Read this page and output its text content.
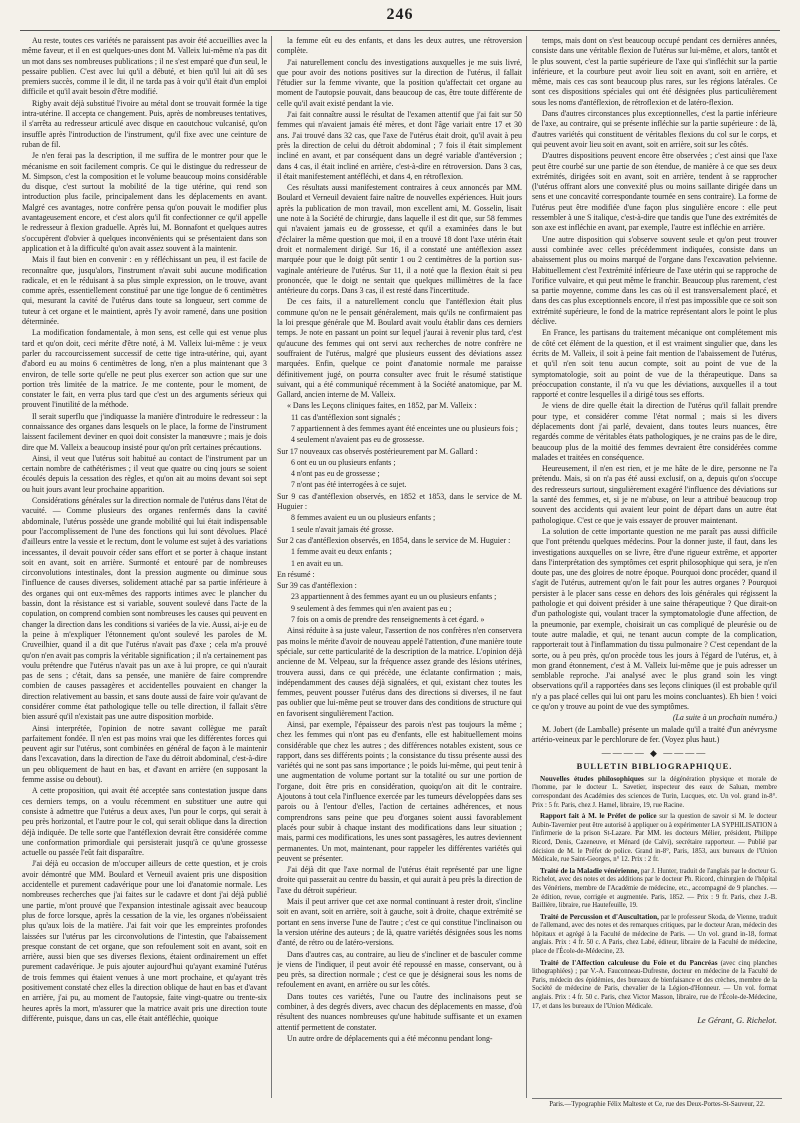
246

Au reste, toutes ces variétés ne paraissent pas avoir été accueillies avec la même faveur, et il en est quelques-unes dont M. Valleix lui-même n'a pas dit un mot dans ses nombreuses publications ; il ne s'est emparé que d'un seul, le pessaire publien. C'est avec lui qu'il a débuté, et bien qu'il lui ait dû ses premiers succès, comme il le dit, il ne tarda pas à voir qu'il était d'un emploi difficile et qu'il avait besoin d'être modifié.

Rigby avait déjà substitué l'ivoire au métal dont se trouvait formée la tige intra-utérine. Il accepta ce changement. Puis, après de nombreuses tentatives, il s'arrêta au redresseur articulé avec disque en caoutchouc vulcanisé, qu'on insuffle après l'introduction de l'instrument, qu'il fixe avec une ceinture de ruban de fil.

Je n'en ferai pas la description, il me suffira de le montrer pour que le mécanisme en soit facilement compris. Ce qui le distingue du redresseur de M. Simpson, c'est la composition et le volume beaucoup moins considérable du disque, c'est surtout la mobilité de la tige utérine, qui rend son introduction plus facile, principalement dans les déplacements en avant. Malgré ces avantages, notre confrère pensa qu'on pouvait le modifier plus avantageusement encore, et c'est alors qu'il fit confectionner ce qu'il appelle le redresseur à flexion graduelle. Après lui, M. Bonnafont et quelques autres s'occupèrent d'obvier à quelques inconvénients qui se présentaient dans son application et à la difficulté qu'on avait assez souvent à la maintenir.

Mais il faut bien en convenir : en y réfléchissant un peu, il est facile de reconnaître que, jusqu'alors, l'instrument n'avait subi aucune modification radicale, et en le réduisant à sa plus simple expression, on le trouve, avant comme après, essentiellement constitué par une tige longue de 6 centimètres qui, mesurant la cavité de l'utérus dans toute sa longueur, sert comme de tuteur à cet organe et le maintient, après l'y avoir ramené, dans une position déterminée.

La modification fondamentale, à mon sens, est celle qui est venue plus tard et qu'on doit, ceci mérite d'être noté, à M. Valleix lui-même : je veux parler du raccourcissement successif de cette tige intra-utérine, qui, ayant d'abord eu au moins 6 centimètres de long, n'en a plus maintenant que 3 environ, de telle sorte qu'elle ne peut plus exercer son action que sur une portion très limitée de la matrice. Je me contente, pour le moment, de constater le fait, en verra plus tard que c'est un des arguments sérieux qui prouvent l'inutilité de la méthode.

Il serait superflu que j'indiquasse la manière d'introduire le redresseur : la connaissance des organes dans lesquels on le place, la forme de l'instrument laissent facilement deviner en quoi doit consister la manœuvre ; mais je dois dire que M. Valleix a beaucoup insisté pour qu'on prît certaines précautions.

Ainsi, il veut que l'utérus soit habitué au contact de l'instrument par un certain nombre de cathétérismes ; il veut que quatre ou cinq jours se soient écoulés depuis la cessation des règles, et qu'on ait au moins devant soi sept ou huit jours avant leur prochaine apparition.

Considérations générales sur la direction normale de l'utérus dans l'état de vacuité. — Comme plusieurs des organes renfermés dans la cavité abdominale, l'utérus possède une grande mobilité qui lui était indispensable pour l'accomplissement de l'une des fonctions qui lui sont dévolues. Placé d'ailleurs entre la vessie et le rectum, dont le volume est sujet à des variations incessantes, il devait pouvoir céder sans effort et se porter à chaque instant soit en avant, soit en arrière. Surmonté et entouré par de nombreuses circonvolutions intestinales, dont la pression augmente ou diminue sous l'influence de causes diverses, solidement attaché par sa partie inférieure à des organes qui ont eux-mêmes des rapports intimes avec le plancher du bassin, dont la résistance est si variable, souvent soulevé dans l'acte de la copulation, on comprend combien sont nombreuses les causes qui peuvent en changer la direction dans les conditions si variées de la vie. Aussi, ai-je eu de la peine à m'expliquer l'étonnement qu'ont soulevé les paroles de M. Cruveilhier, quand il a dit que l'utérus n'avait pas d'axe ; cela m'a prouvé qu'on n'en avait pas compris la véritable signification ; il n'a certainement pas voulu prétendre que l'utérus n'avait pas un axe à lui propre, ce qui n'aurait pas de sens ; c'était, dans sa pensée, une manière de faire comprendre combien de causes passagères et accidentelles pouvaient en changer la direction relativement au bassin, et sans doute aussi de faire voir qu'avant de considérer comme état pathologique telle ou telle direction, il fallait s'être bien assuré qu'il n'existait pas une autre disposition morbide.

Ainsi interprétée, l'opinion de notre savant collègue me paraît parfaitement fondée. Il n'en est pas moins vrai que les différentes forces qui peuvent agir sur l'utérus, sont combinées en général de façon à le maintenir dans l'excavation, dans la direction de l'axe du détroit abdominal, c'est-à-dire un peu obliquement de haut en bas, et d'avant en arrière (en supposant la femme assise ou debout).

A cette proposition, qui avait été acceptée sans contestation jusque dans ces derniers temps, on a voulu récemment en substituer une autre qui consiste à admettre que l'utérus a deux axes, l'un pour le corps, qui serait à peu près horizontal, et l'autre pour le col, qui serait oblique dans la direction déjà indiquée. De telle sorte que l'antéflexion devrait être considérée comme une conformation primordiale qui persisterait jusqu'à ce qu'une grossesse actuelle ou passée l'eût fait disparaître.

J'ai déjà eu occasion de m'occuper ailleurs de cette question, et je crois avoir démontré que MM. Boulard et Verneuil avaient pris une disposition accidentelle et purement cadavérique pour une loi d'anatomie normale. Les nombreuses recherches que j'ai faites sur le cadavre et dont j'ai déjà publié une partie, m'ont prouvé que l'expansion intestinale agissait avec beaucoup plus de force lorsque, après la cessation de la vie, les organes n'obéissaient plus qu'aux lois de la matière. J'ai fait voir que les empreintes profondes laissées sur l'utérus par les circonvolutions de l'intestin, que l'abaissement presque constant de cet organe, que son refoulement soit en avant, soit en arrière, aussi bien que ses diverses flexions, étaient ordinairement un effet purement cadavérique. Je puis ajouter aujourd'hui qu'ayant examiné l'utérus de trois femmes qui étaient venues à une mort prochaine, et qu'ayant très positivement constaté chez elles la direction oblique de haut en bas et d'avant en arrière, j'ai pu, au moment de l'autopsie, faite vingt-quatre ou trente-six heures après la mort, m'assurer que la matrice avait pris une direction toute différente, puisque, dans un cas, elle était antéfléchie, quoique

la femme eût eu des enfants, et dans les deux autres, une rétroversion complète.

J'ai naturellement conclu des investigations auxquelles je me suis livré, que pour avoir des notions positives sur la direction de l'utérus, il fallait l'étudier sur la femme vivante, que la position qu'affectait cet organe au moment de l'autopsie pouvait, dans beaucoup de cas, être toute différente de celle qu'il avait existé pendant la vie.

J'ai fait connaître aussi le résultat de l'examen attentif que j'ai fait sur 50 femmes qui n'avaient jamais été mères, et dont l'âge variait entre 17 et 30 ans. J'ai trouvé dans 32 cas, que l'axe de l'utérus était droit, qu'il avait à peu près la direction de celui du détroit abdominal ; 7 fois il était simplement incliné en avant, et par conséquent dans un degré variable d'antéversion ; dans 4 cas, il était incliné en arrière, c'est-à-dire en rétroversion. Dans 3 cas, il était manifestement antéfléchi, et dans 4, en rétroflexion.

Ces résultats aussi manifestement contraires à ceux annoncés par MM. Boulard et Verneuil devaient faire naître de nouvelles expériences. Huit jours après la publication de mon travail, mon excellent ami, M. Gosselin, lisait une note à la Société de chirurgie, dans laquelle il est dit que, sur 58 femmes qui n'avaient jamais eu de grossesse, et qu'il a examinées dans le but d'éclairer la même question que moi, il en a trouvé 18 dont l'axe utérin était droit et normalement dirigé. Sur 16, il a constaté une antéflexion assez marquée pour que le doigt pût sentir 1 ou 2 centimètres de la portion sus-vaginale antérieure de l'utérus. Sur 11, il a noté que la flexion était si peu prononcée, que le doigt ne sentait que quelques millimètres de la face antérieure du corps. Dans 3 cas, il est resté dans l'incertitude.

De ces faits, il a naturellement conclu que l'antéflexion était plus commune qu'on ne le pensait généralement, mais qu'ils ne confirmaient pas la loi presque générale que M. Boulard avait voulu établir dans ces derniers temps. Je note en passant un point sur lequel j'aurai à revenir plus tard, c'est qu'aucune des femmes qui ont servi aux recherches de notre confrère ne souffraient de l'utérus, malgré que plusieurs eussent des déviations assez marquées. Enfin, quelque ce point d'anatomie normale me paraisse définitivement jugé, on pourra consulter avec fruit le résumé statistique suivant, qui a été communiqué récemment à la Société anatomique, par M. Gallard, ancien interne de M. Valleix.

« Dans les Leçons cliniques faites, en 1852, par M. Valleix :

11 cas d'antéflexion sont signalés ;

7 appartiennent à des femmes ayant été enceintes une ou plusieurs fois ;

4 seulement n'avaient pas eu de grossesse.

Sur 17 nouveaux cas observés postérieurement par M. Gallard :

6 ont eu un ou plusieurs enfants ;

4 n'ont pas eu de grossesse ;

7 n'ont pas été interrogées à ce sujet.

Sur 9 cas d'antéflexion observés, en 1852 et 1853, dans le service de M. Huguier :

8 femmes avaient eu un ou plusieurs enfants ;

1 seule n'avait jamais été grosse.

Sur 2 cas d'antéflexion observés, en 1854, dans le service de M. Huguier :

1 femme avait eu deux enfants ;

1 en avait eu un.

En résumé :

Sur 39 cas d'antéflexion :

23 appartiennent à des femmes ayant eu un ou plusieurs enfants ;

9 seulement à des femmes qui n'en avaient pas eu ;

7 fois on a omis de prendre des renseignements à cet égard. »

Ainsi réduite à sa juste valeur, l'assertion de nos confrères n'en conservera pas moins le mérite d'avoir de nouveau appelé l'attention, d'une manière toute spéciale, sur cette particularité de la description de la matrice. L'opinion déjà ancienne de M. Velpeau, sur la fréquence assez grande des lésions utérines, trouvera aussi, dans ce qui précède, une éclatante confirmation ; mais, indépendamment des causes déjà signalées, et qui, existant chez toutes les femmes, peuvent pousser l'utérus dans des directions si diverses, il ne faut pas oublier que lui-même peut se trouver dans des conditions de structure qui en favorisent singulièrement l'action.

Ainsi, par exemple, l'épaisseur des parois n'est pas toujours la même ; chez les femmes qui n'ont pas eu d'enfants, elle est habituellement moins considérable que chez les autres ; des différences notables existent, sous ce rapport, dans ses différents points ; la consistance du tissu présente aussi des variétés qui ne sont pas sans importance ; le poids lui-même, qui peut tenir à une augmentation de volume portant sur la totalité ou sur une portion de l'organe, doit être pris en considération, quoiqu'on ait dit le contraire. Ajoutons à tout cela l'influence exercée par les tumeurs développées dans ses parois ou à l'entour d'elles, l'action de certaines adhérences, et nous comprendrons sans peine que peu d'organes soient aussi favorablement placés pour subir à chaque instant des modifications dans leur situation ; mais, parmi ces modifications, les unes sont passagères, les autres deviennent permanentes. Un mot, maintenant, pour rappeler les différentes variétés qui peuvent se présenter.

J'ai déjà dit que l'axe normal de l'utérus était représenté par une ligne droite qui passerait au centre du bassin, et qui aurait à peu près la direction de l'axe du détroit supérieur.

Mais il peut arriver que cet axe normal continuant à rester droit, s'incline soit en avant, soit en arrière, soit à gauche, soit à droite, chaque extrémité se portant en sens inverse l'une de l'autre ; c'est ce qui constitue l'inclinaison ou la version utérine des auteurs ; de là, quatre variétés désignées sous les noms d'anté, de rétro ou de latéro-versions.

Dans d'autres cas, au contraire, au lieu de s'incliner et de basculer comme je viens de l'indiquer, il peut avoir été repoussé en masse, conservant, ou à peu près, sa direction normale ; c'est ce que je désignerai sous les noms de refoulement en avant, en arrière ou sur les côtés.

Dans toutes ces variétés, l'une ou l'autre des inclinaisons peut se combiner, à des degrés divers, avec chacun des déplacements en masse, d'où résultent des nuances nombreuses qu'une habitude suffisante et un examen attentif permettent de constater.

Un autre ordre de déplacements qui a été méconnu pendant long-

temps, mais dont on s'est beaucoup occupé pendant ces dernières années, consiste dans une véritable flexion de l'utérus sur lui-même, et alors, tantôt et le plus souvent, c'est la partie supérieure de l'axe qui s'infléchit sur la partie inférieure, et la courbure peut avoir lieu soit en avant, soit en arrière, et même, mais ces cas sont beaucoup plus rares, sur les régions latérales. Ce sont ces dispositions spéciales qui ont été désignées plus particulièrement sous les noms d'antéflexion, de rétroflexion et de latéro-flexion.

Dans d'autres circonstances plus exceptionnelles, c'est la partie inférieure de l'axe, au contraire, qui se présente infléchie sur la partie supérieure : de là, d'autres variétés qui constituent de véritables flexions du col sur le corps, et qui peuvent avoir lieu soit en avant, soit en arrière, soit sur les côtés.

D'autres dispositions peuvent encore être observées ; c'est ainsi que l'axe peut être courbé sur une partie de son étendue, de manière à ce que ses deux extrémités, dirigées soit en avant, soit en arrière, tendent à se rapprocher (l'utérus offrant alors une convexité plus ou moins saillante dirigée dans un sens et une concavité correspondante tournée en sens contraire). La forme de l'utérus peut être modifiée d'une façon plus singulière encore : elle peut ressembler à une S italique, c'est-à-dire que tandis que l'une des extrémités de son axe est infléchie en avant, par exemple, l'autre est infléchie en arrière.

Une autre disposition qui s'observe souvent seule et qu'on peut trouver aussi combinée avec celles précédemment indiquées, consiste dans un abaissement plus ou moins marqué de l'organe dans l'excavation pelvienne. Habituellement c'est l'extrémité inférieure de l'axe utérin qui se rapproche de l'orifice vulvaire, et qui peut même le franchir. Beaucoup plus rarement, c'est sa partie moyenne, comme dans les cas où il est transversalement placé, et dans des cas plus exceptionnels encore, il n'est pas impossible que ce soit son extrémité supérieure, le fond de la matrice représentant alors le point le plus déclive.

En France, les partisans du traitement mécanique ont complétement mis de côté cet élément de la question, et il est vraiment singulier que, dans les écrits de M. Valleix, il soit à peine fait mention de l'abaissement de l'utérus, et qu'il n'en soit tenu aucun compte, soit au point de vue de la symptomatologie, soit au point de vue de la thérapeutique. Dans sa préoccupation constante, il n'a vu que les déviations, auxquelles il a tout rapporté et contre lesquelles il a dirigé tous ses efforts.

Je viens de dire quelle était la direction de l'utérus qu'il fallait prendre pour type, et considérer comme l'état normal ; mais si les divers déplacements dont j'ai parlé, devaient, dans toutes leurs nuances, être regardés comme de véritables états pathologiques, je ne crains pas de le dire, beaucoup plus de la moitié des femmes devraient être considérées comme malades et traitées en conséquence.

Heureusement, il n'en est rien, et je me hâte de le dire, personne ne l'a prétendu. Mais, si on n'a pas été aussi exclusif, on a, depuis qu'on s'occupe des redresseurs surtout, singulièrement exagéré l'influence des déviations sur la santé des femmes, et, si je ne m'abuse, on leur a attribué beaucoup trop souvent des accidents qui avaient leur point de départ dans un autre état pathologique. C'est ce que je vais essayer de prouver maintenant.

La solution de cette importante question ne me paraît pas aussi difficile que l'ont prétendu quelques médecins. Pour la donner juste, il faut, dans les investigations auxquelles on se livre, être d'une rigueur extrême, et apporter dans l'interprétation des symptômes cet esprit philosophique qui sera, je n'en doute pas, une des gloires de notre époque. Pourquoi donc procéder, quand il s'agit de l'utérus, autrement qu'on le fait pour les autres organes ? Pourquoi persister à le placer sans cesse en dehors des lois générales qui régissent la pathologie et qui doivent présider à une saine thérapeutique ? Que dirait-on d'un pathologiste qui, voulant tracer la symptomatologie d'une affection, de la pneumonie, par exemple, choisirait un cas compliqué de pleurésie ou de toute autre maladie, et qui, ne tenant aucun compte de la complication, rapporterait tout à l'inflammation du tissu pulmonaire ? C'est cependant de la sorte, ou à peu près, qu'on procède tous les jours à l'égard de l'utérus, et, à mon grand étonnement, c'est à M. Valleix lui-même que je puis adresser un semblable reproche. J'ai analysé avec le plus grand soin les vingt observations qu'il a rapportées dans ses leçons cliniques (il est probable qu'il n'y a pas placé celles qui lui ont paru les moins concluantes). Eh bien ! voici ce qu'on y trouve au point de vue des symptômes.

(La suite à un prochain numéro.)

M. Jobert (de Lamballe) présente un malade qu'il a traité d'un anévrysme artério-veineux par le perchlorure de fer. (Voyez plus haut.)

———— ◆ ————
BULLETIN BIBLIOGRAPHIQUE.

Nouvelles études philosophiques sur la dégénération physique et morale de l'homme, par le docteur L. Savetier, inspecteur des eaux de Saluan, membre correspondant des Académies des sciences de Turin, Lucques, etc. Un vol. grand in-8°. Prix : 5 fr. Paris, chez J. Hamel, libraire, 19, rue Racine.

Rapport fait à M. le Préfet de police sur la question de savoir si M. le docteur Aubin-Tavernier peut être autorisé à appliquer ou à expérimenter LA SYPHILISATION à l'infirmerie de la prison St-Lazare. Par MM. les docteurs Mélier, président, Philippe Ricord, Denis, Cazeneuve, et Ménard (de Calvi), secrétaire rapporteur. — Publié par décision de M. le Préfet de police. Grand in-8°, Paris, 1853, aux bureaux de l'Union Médicale, rue Saint-Georges, n° 12. Prix : 2 fr.

Traité de la Maladie vénérienne, par J. Hunter, traduit de l'anglais par le docteur G. Richelot, avec des notes et des additions par le docteur Ph. Ricord, chirurgien de l'hôpital des Vénériens, membre de l'Académie de médecine, etc., accompagné de 9 planches. — 2e édition, revue, corrigée et augmentée. Paris, 1852. — Prix : 9 fr. Paris, chez J.-B. Baillière, libraire, rue Hautefeuille, 19.

Traité de Percussion et d'Auscultation, par le professeur Skoda, de Vienne, traduit de l'allemand, avec des notes et des remarques critiques, par le docteur Aran, médecin des hôpitaux et agrégé à la Faculté de médecine de Paris. — Un vol. grand in-18, format anglais. Prix : 4 fr. 50 c. A Paris, chez Labé, éditeur, libraire de la Faculté de médecine, place de l'École-de-Médecine, 23.

Traité de l'Affection calculeuse du Foie et du Pancréas (avec cinq planches lithographiées) ; par V.-A. Fauconneau-Dufresne, docteur en médecine de la Faculté de Paris, médecin des épidémies, des bureaux de bienfaisance et des crèches, membre de la Société de médecine de Paris, chevalier de la Légion-d'Honneur. — Un vol. format anglais. Prix : 4 fr. 50 c. Paris, chez Victor Masson, libraire, rue de l'École-de-Médecine, 17, et dans les bureaux de l'Union Médicale.

Le Gérant, G. Richelot.
Paris.—Typographie Félix Malteste et Ce, rue des Deux-Portes-St-Sauveur, 22.
